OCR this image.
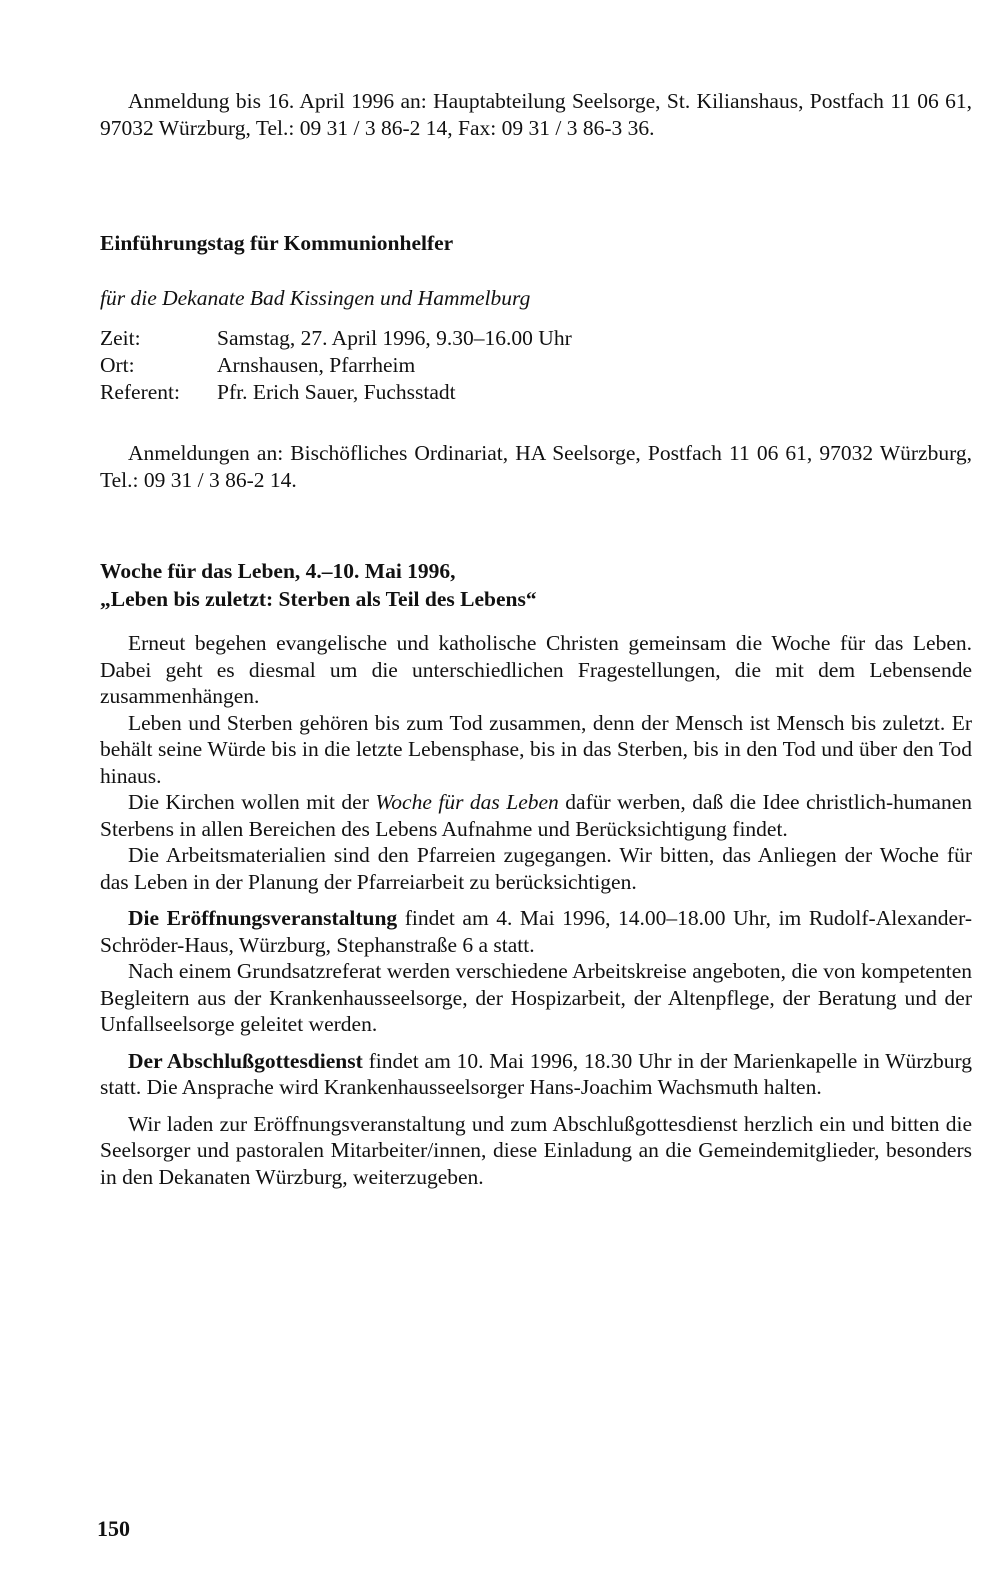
Anmeldung bis 16. April 1996 an: Hauptabteilung Seelsorge, St. Kilianshaus, Postfach 11 06 61, 97032 Würzburg, Tel.: 09 31 / 3 86-2 14, Fax: 09 31 / 3 86-3 36.

Einführungstag für Kommunionhelfer

für die Dekanate Bad Kissingen und Hammelburg

Zeit:	Samstag, 27. April 1996, 9.30–16.00 Uhr
Ort:	Arnshausen, Pfarrheim
Referent:	Pfr. Erich Sauer, Fuchsstadt

Anmeldungen an: Bischöfliches Ordinariat, HA Seelsorge, Postfach 11 06 61, 97032 Würzburg, Tel.: 09 31 / 3 86-2 14.

Woche für das Leben, 4.–10. Mai 1996,

„Leben bis zuletzt: Sterben als Teil des Lebens“

Erneut begehen evangelische und katholische Christen gemeinsam die Woche für das Leben. Dabei geht es diesmal um die unterschiedlichen Fragestellungen, die mit dem Lebensende zusammenhängen.

Leben und Sterben gehören bis zum Tod zusammen, denn der Mensch ist Mensch bis zuletzt. Er behält seine Würde bis in die letzte Lebensphase, bis in das Sterben, bis in den Tod und über den Tod hinaus.

Die Kirchen wollen mit der Woche für das Leben dafür werben, daß die Idee christlich-humanen Sterbens in allen Bereichen des Lebens Aufnahme und Berücksichtigung findet.

Die Arbeitsmaterialien sind den Pfarreien zugegangen. Wir bitten, das Anliegen der Woche für das Leben in der Planung der Pfarreiarbeit zu berücksichtigen.

Die Eröffnungsveranstaltung findet am 4. Mai 1996, 14.00–18.00 Uhr, im Rudolf-Alexander-Schröder-Haus, Würzburg, Stephanstraße 6 a statt.

Nach einem Grundsatzreferat werden verschiedene Arbeitskreise angeboten, die von kompetenten Begleitern aus der Krankenhausseelsorge, der Hospizarbeit, der Altenpflege, der Beratung und der Unfallseelsorge geleitet werden.

Der Abschlußgottesdienst findet am 10. Mai 1996, 18.30 Uhr in der Marienkapelle in Würzburg statt. Die Ansprache wird Krankenhausseelsorger Hans-Joachim Wachsmuth halten.

Wir laden zur Eröffnungsveranstaltung und zum Abschlußgottesdienst herzlich ein und bitten die Seelsorger und pastoralen Mitarbeiter/innen, diese Einladung an die Gemeindemitglieder, besonders in den Dekanaten Würzburg, weiterzugeben.

150
